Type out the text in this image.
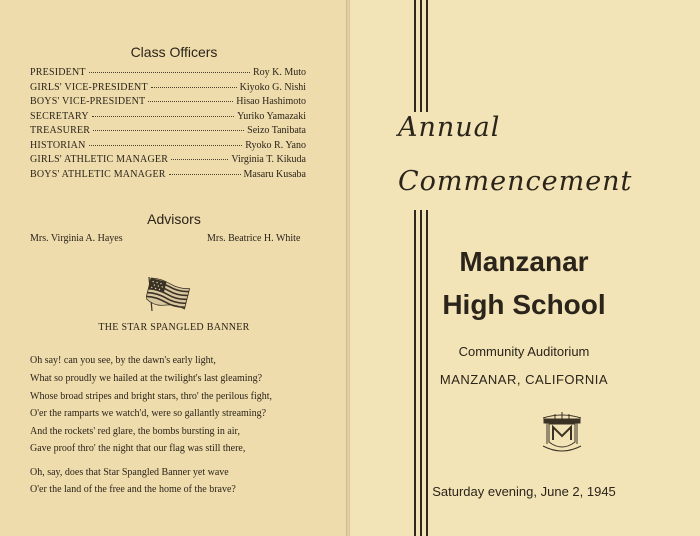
Class Officers
PRESIDENT	Roy K. Muto
GIRLS' VICE-PRESIDENT	Kiyoko G. Nishi
BOYS' VICE-PRESIDENT	Hisao Hashimoto
SECRETARY	Yuriko Yamazaki
TREASURER	Seizo Tanibata
HISTORIAN	Ryoko R. Yano
GIRLS' ATHLETIC MANAGER	Virginia T. Kikuda
BOYS' ATHLETIC MANAGER	Masaru Kusaba
Advisors
Mrs. Virginia A. Hayes	Mrs. Beatrice H. White
THE STAR SPANGLED BANNER
Oh say! can you see, by the dawn's early light,
What so proudly we hailed at the twilight's last gleaming?
Whose broad stripes and bright stars, thro' the perilous fight,
O'er the ramparts we watch'd, were so gallantly streaming?
And the rockets' red glare, the bombs bursting in air,
Gave proof thro' the night that our flag was still there,
Oh, say, does that Star Spangled Banner yet wave
O'er the land of the free and the home of the brave?
Annual
Commencement
Manzanar
High School
Community Auditorium
MANZANAR, CALIFORNIA
Saturday evening, June 2, 1945
